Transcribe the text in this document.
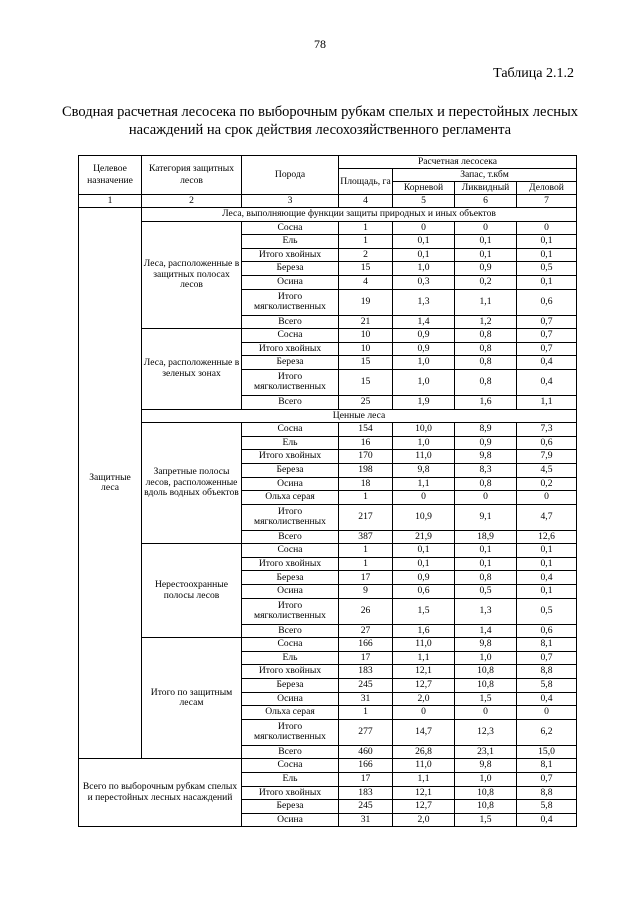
78
Таблица 2.1.2
Сводная расчетная лесосека по выборочным рубкам спелых и перестойных лесных насаждений на срок действия лесохозяйственного регламента
Целевое назначение	Категория защитных лесов	Порода	Расчетная лесосека			
			Площадь, га	Запас, т.кбм		
				Корневой	Ликвидный	Деловой
1	2	3	4	5	6	7
Защитные леса	Леса, выполняющие функции защиты природных и иных объектов					
	Леса, расположенные в защитных полосах лесов	Сосна	1	0	0	0
		Ель	1	0,1	0,1	0,1
		Итого хвойных	2	0,1	0,1	0,1
		Береза	15	1,0	0,9	0,5
		Осина	4	0,3	0,2	0,1
		Итого мягколиственных	19	1,3	1,1	0,6
		Всего	21	1,4	1,2	0,7
	Леса, расположенные в зеленых зонах	Сосна	10	0,9	0,8	0,7
		Итого хвойных	10	0,9	0,8	0,7
		Береза	15	1,0	0,8	0,4
		Итого мягколиственных	15	1,0	0,8	0,4
		Всего	25	1,9	1,6	1,1
	Ценные леса					
	Запретные полосы лесов, расположенные вдоль водных объектов	Сосна	154	10,0	8,9	7,3
		Ель	16	1,0	0,9	0,6
		Итого хвойных	170	11,0	9,8	7,9
		Береза	198	9,8	8,3	4,5
		Осина	18	1,1	0,8	0,2
		Ольха серая	1	0	0	0
		Итого мягколиственных	217	10,9	9,1	4,7
		Всего	387	21,9	18,9	12,6
	Нерестоохранные полосы лесов	Сосна	1	0,1	0,1	0,1
		Итого хвойных	1	0,1	0,1	0,1
		Береза	17	0,9	0,8	0,4
		Осина	9	0,6	0,5	0,1
		Итого мягколиственных	26	1,5	1,3	0,5
		Всего	27	1,6	1,4	0,6
	Итого по защитным лесам	Сосна	166	11,0	9,8	8,1
		Ель	17	1,1	1,0	0,7
		Итого хвойных	183	12,1	10,8	8,8
		Береза	245	12,7	10,8	5,8
		Осина	31	2,0	1,5	0,4
		Ольха серая	1	0	0	0
		Итого мягколиственных	277	14,7	12,3	6,2
		Всего	460	26,8	23,1	15,0
Всего по выборочным рубкам спелых и перестойных лесных насаждений		Сосна	166	11,0	9,8	8,1
		Ель	17	1,1	1,0	0,7
		Итого хвойных	183	12,1	10,8	8,8
		Береза	245	12,7	10,8	5,8
		Осина	31	2,0	1,5	0,4
